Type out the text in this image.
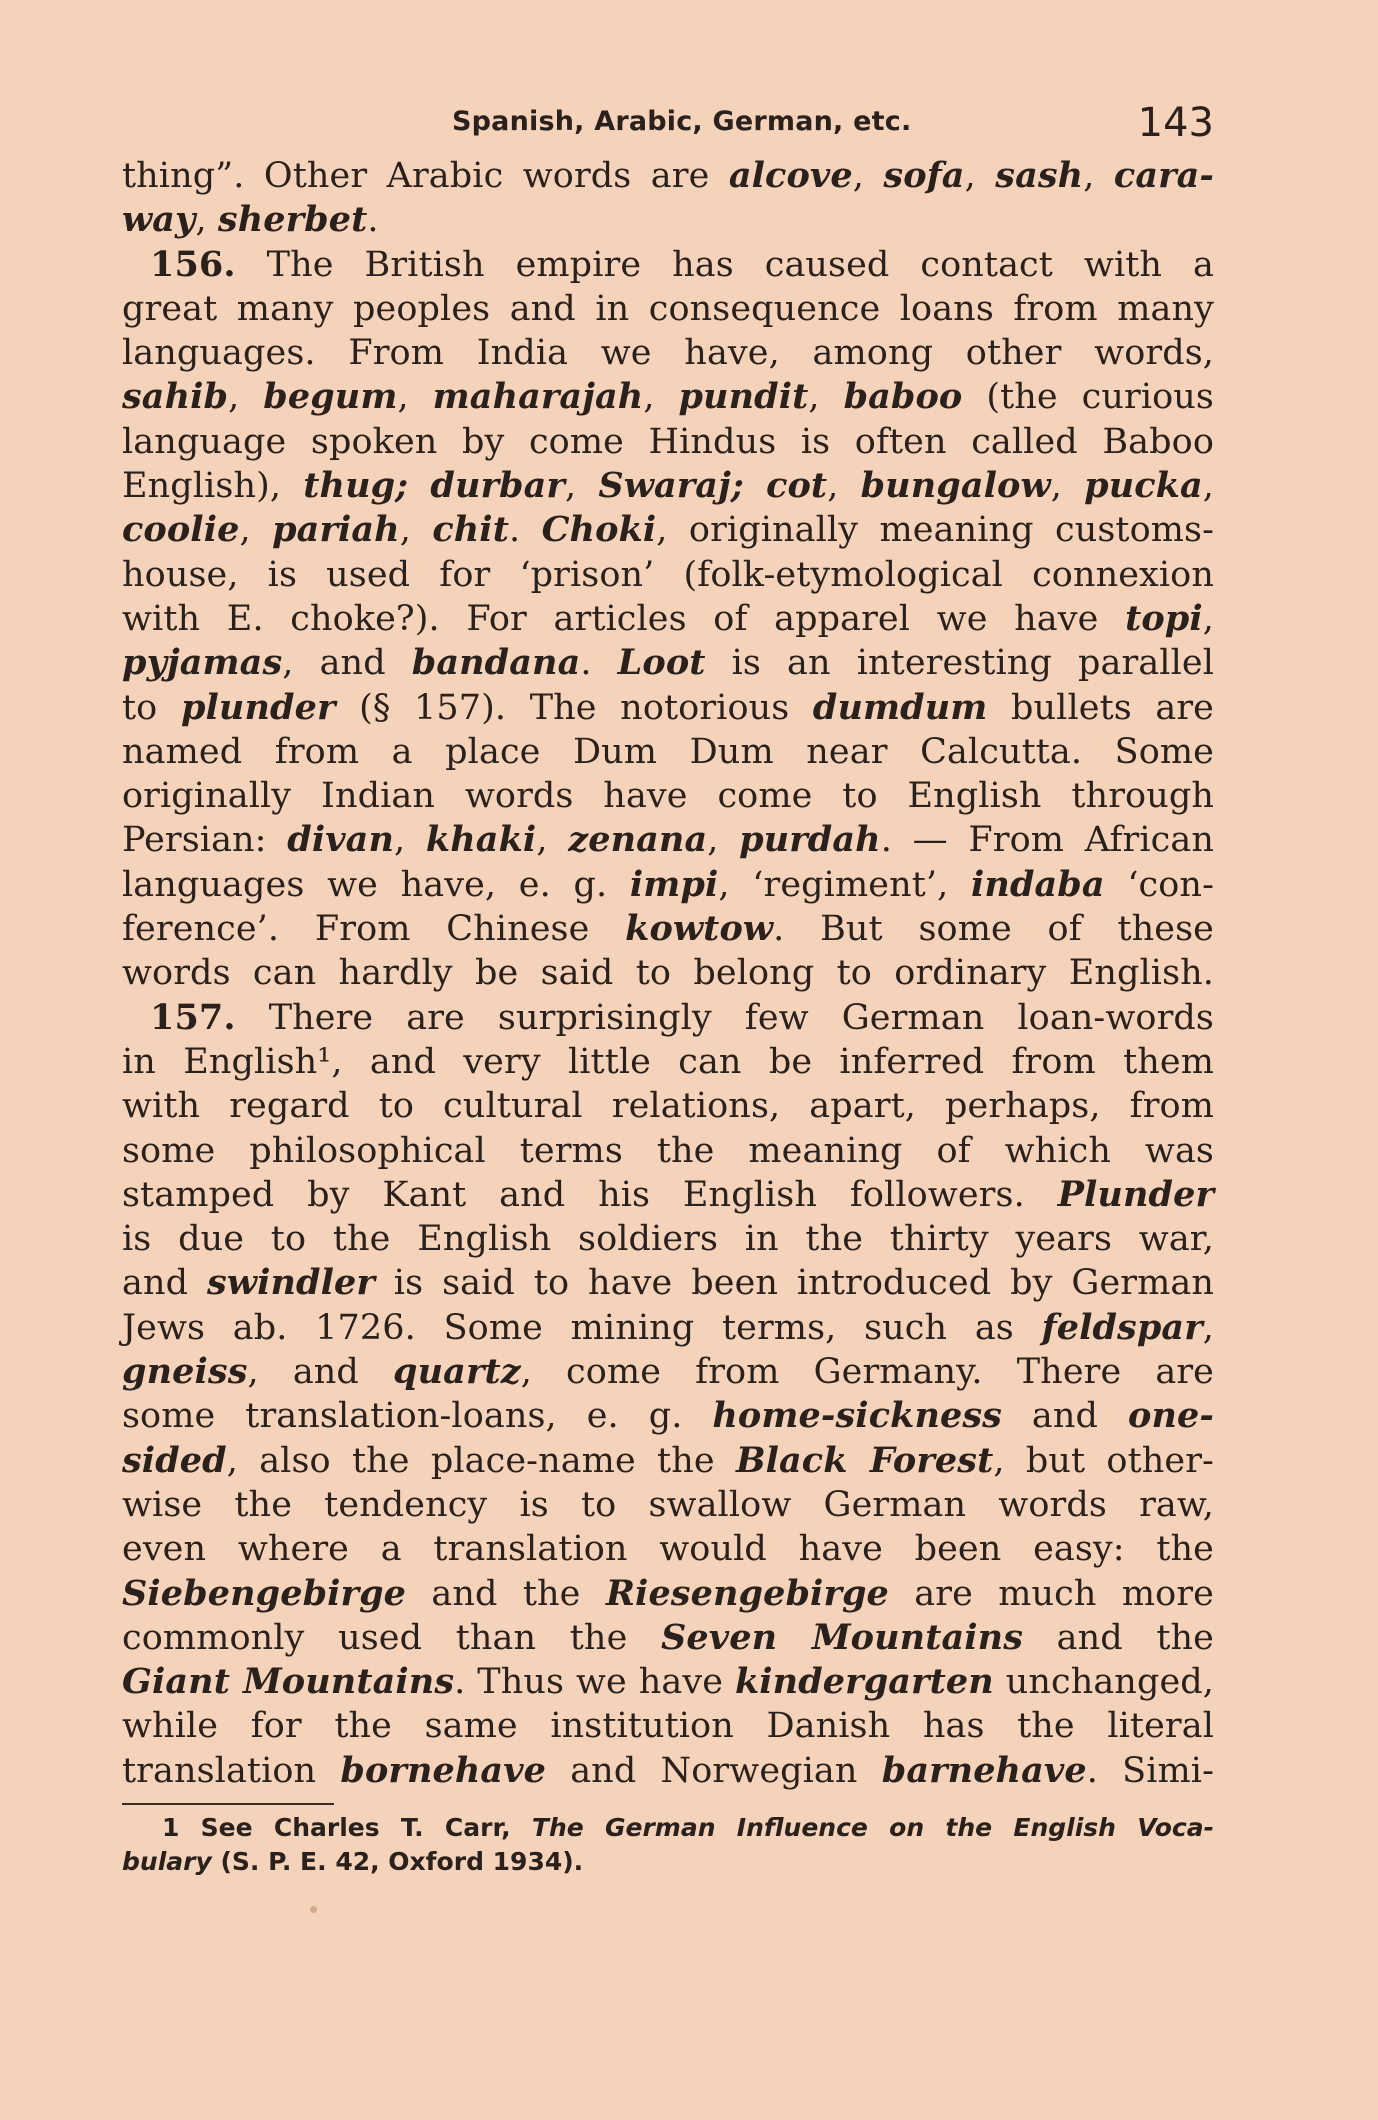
Spanish, Arabic, German, etc.	143
thing”. Other Arabic words are alcove, sofa, sash, cara-
way, sherbet.
156. The British empire has caused contact with a
great many peoples and in consequence loans from many
languages. From India we have, among other words,
sahib, begum, maharajah, pundit, baboo (the curious
language spoken by come Hindus is often called Baboo
English), thug; durbar, Swaraj; cot, bungalow, pucka,
coolie, pariah, chit. Choki, originally meaning customs-
house, is used for ‘prison’ (folk-etymological connexion
with E. choke?). For articles of apparel we have topi,
pyjamas, and bandana. Loot is an interesting parallel
to plunder (§ 157). The notorious dumdum bullets are
named from a place Dum Dum near Calcutta. Some
originally Indian words have come to English through
Persian: divan, khaki, zenana, purdah. — From African
languages we have, e. g. impi, ‘regiment’, indaba ‘con-
ference’. From Chinese kowtow. But some of these
words can hardly be said to belong to ordinary English.
157. There are surprisingly few German loan-words
in English¹, and very little can be inferred from them
with regard to cultural relations, apart, perhaps, from
some philosophical terms the meaning of which was
stamped by Kant and his English followers. Plunder
is due to the English soldiers in the thirty years war,
and swindler is said to have been introduced by German
Jews ab. 1726. Some mining terms, such as feldspar,
gneiss, and quartz, come from Germany. There are
some translation-loans, e. g. home-sickness and one-
sided, also the place-name the Black Forest, but other-
wise the tendency is to swallow German words raw,
even where a translation would have been easy: the
Siebengebirge and the Riesengebirge are much more
commonly used than the Seven Mountains and the
Giant Mountains. Thus we have kindergarten unchanged,
while for the same institution Danish has the literal
translation bornehave and Norwegian barnehave. Simi-
1 See Charles T. Carr, The German Influence on the English Voca-
bulary (S. P. E. 42, Oxford 1934).
